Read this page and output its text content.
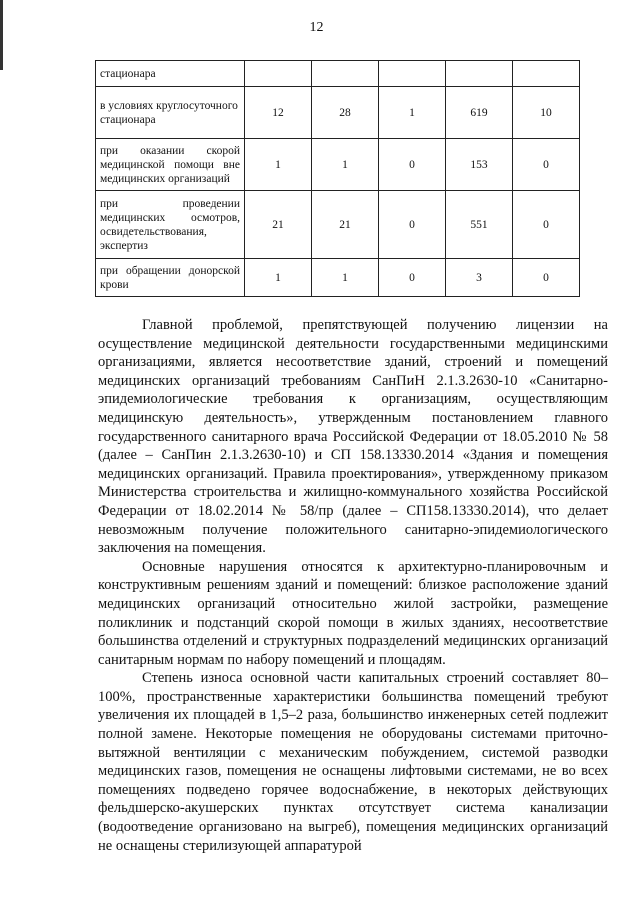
12
стационара					
в условиях круглосуточного стационара	12	28	1	619	10
при оказании скорой медицинской помощи вне медицинских организаций	1	1	0	153	0
при проведении медицинских осмотров, освидетельствования, экспертиз	21	21	0	551	0
при обращении донорской крови	1	1	0	3	0

Главной проблемой, препятствующей получению лицензии на осуществление медицинской деятельности государственными медицинскими организациями, является несоответствие зданий, строений и помещений медицинских организаций требованиям СанПиН 2.1.3.2630-10 «Санитарно-эпидемиологические требования к организациям, осуществляющим медицинскую деятельность», утвержденным постановлением главного государственного санитарного врача Российской Федерации от 18.05.2010 № 58 (далее – СанПин 2.1.3.2630-10) и СП 158.13330.2014 «Здания и помещения медицинских организаций. Правила проектирования», утвержденному приказом Министерства строительства и жилищно-коммунального хозяйства Российской Федерации от 18.02.2014 № 58/пр (далее – СП158.13330.2014), что делает невозможным получение положительного санитарно-эпидемиологического заключения на помещения.

Основные нарушения относятся к архитектурно-планировочным и конструктивным решениям зданий и помещений: близкое расположение зданий медицинских организаций относительно жилой застройки, размещение поликлиник и подстанций скорой помощи в жилых зданиях, несоответствие большинства отделений и структурных подразделений медицинских организаций санитарным нормам по набору помещений и площадям.

Степень износа основной части капитальных строений составляет 80–100%, пространственные характеристики большинства помещений требуют увеличения их площадей в 1,5–2 раза, большинство инженерных сетей подлежит полной замене. Некоторые помещения не оборудованы системами приточно-вытяжной вентиляции с механическим побуждением, системой разводки медицинских газов, помещения не оснащены лифтовыми системами, не во всех помещениях подведено горячее водоснабжение, в некоторых действующих фельдшерско-акушерских пунктах отсутствует система канализации (водоотведение организовано на выгреб), помещения медицинских организаций не оснащены стерилизующей аппаратурой
